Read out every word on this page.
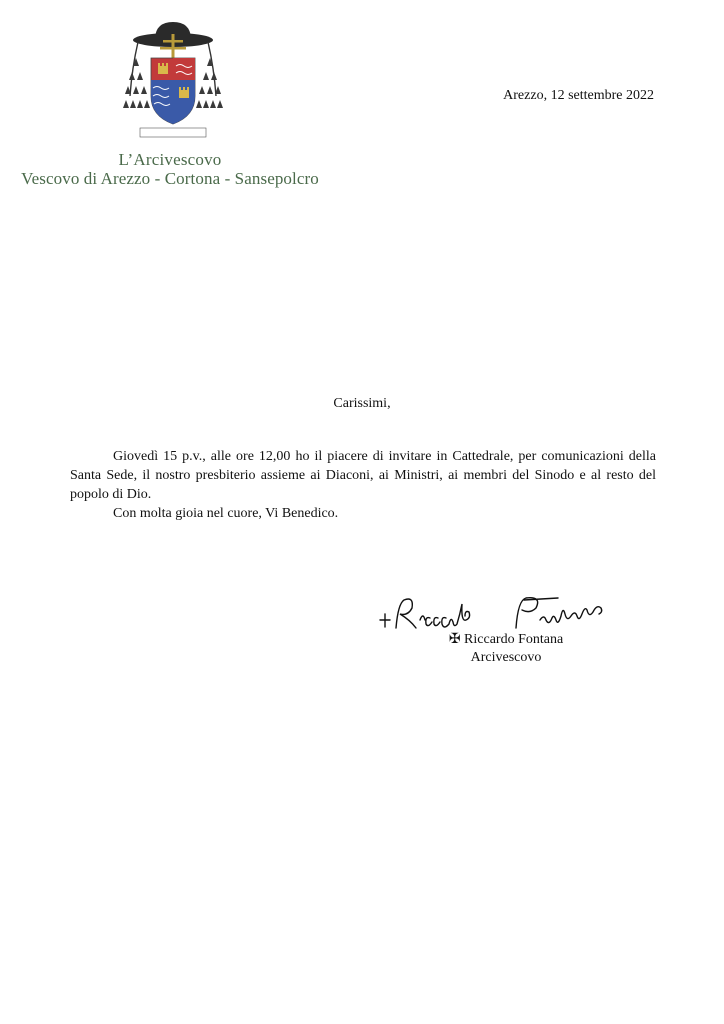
L’Arcivescovo
Vescovo di Arezzo - Cortona - Sansepolcro
Arezzo, 12 settembre 2022
Carissimi,

Giovedì 15 p.v., alle ore 12,00 ho il piacere di invitare in Cattedrale, per comunicazioni della Santa Sede, il nostro presbiterio assieme ai Diaconi, ai Ministri, ai membri del Sinodo e al resto del popolo di Dio.

Con molta gioia nel cuore, Vi Benedico.

✠ Riccardo Fontana
Arcivescovo
